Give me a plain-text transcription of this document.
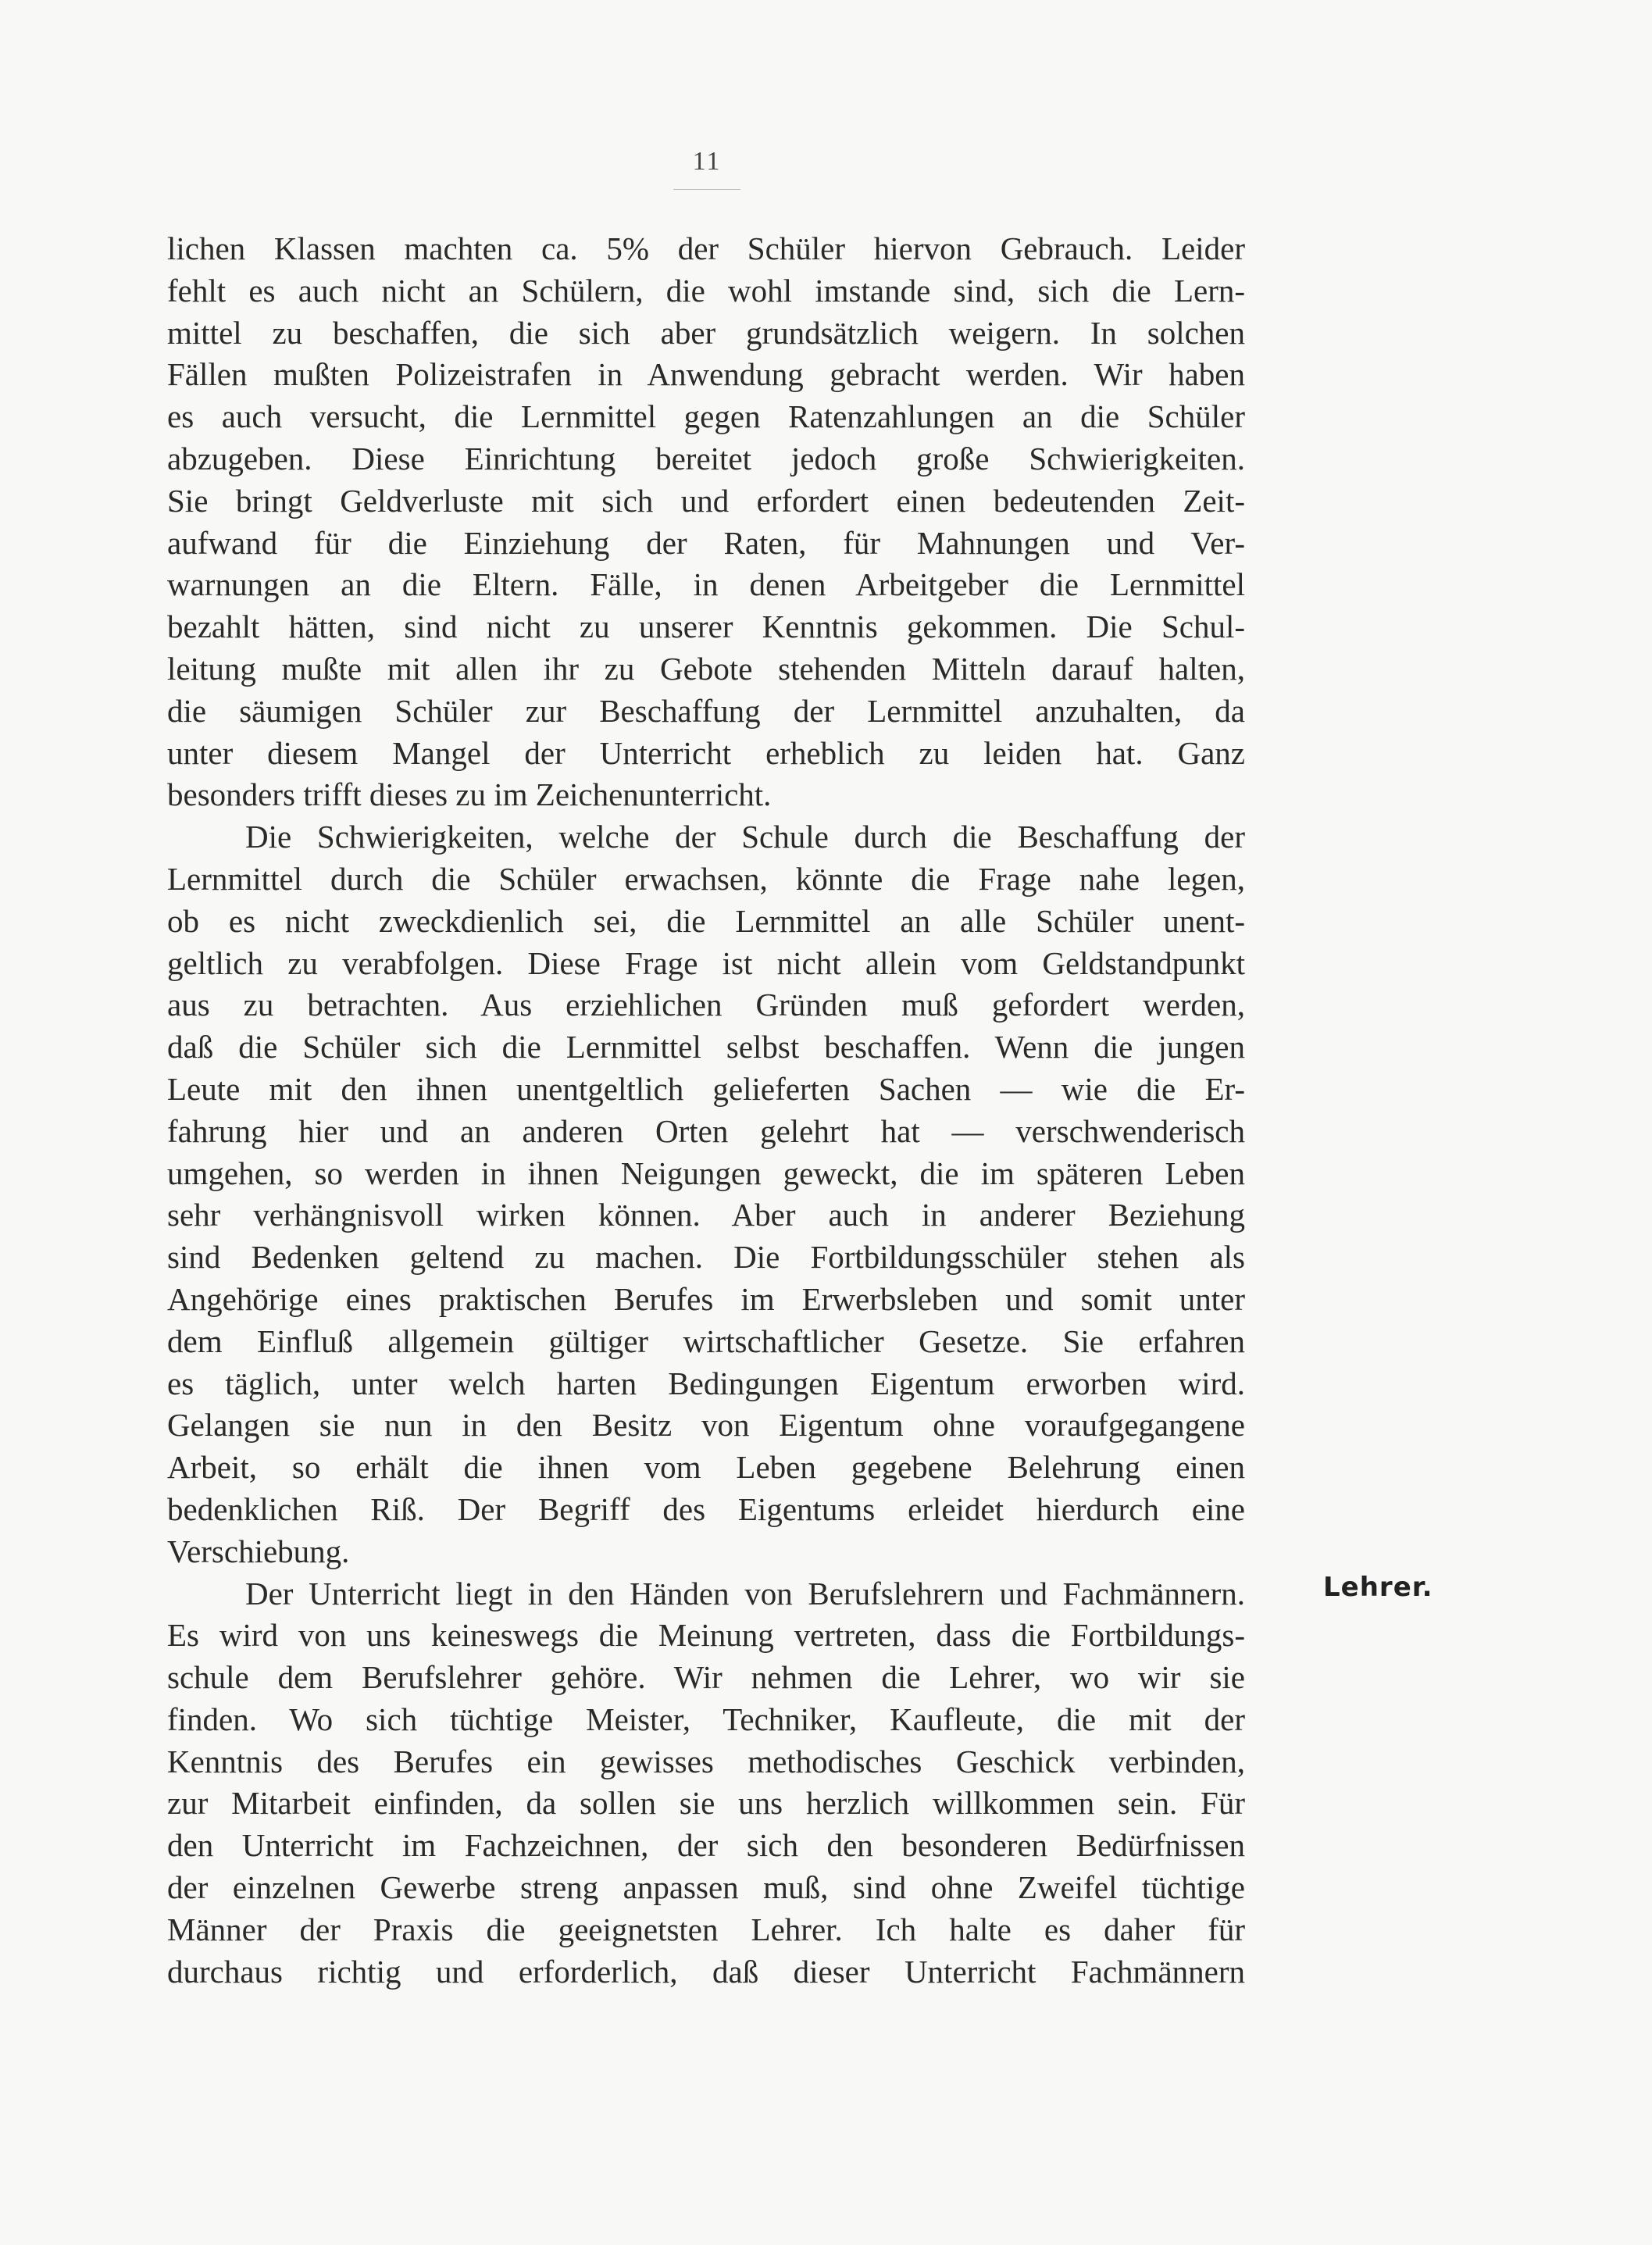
11
lichen Klassen machten ca. 5% der Schüler hiervon Gebrauch. Leider
fehlt es auch nicht an Schülern, die wohl imstande sind, sich die Lern-
mittel zu beschaffen, die sich aber grundsätzlich weigern. In solchen
Fällen mußten Polizeistrafen in Anwendung gebracht werden. Wir haben
es auch versucht, die Lernmittel gegen Ratenzahlungen an die Schüler
abzugeben. Diese Einrichtung bereitet jedoch große Schwierigkeiten.
Sie bringt Geldverluste mit sich und erfordert einen bedeutenden Zeit-
aufwand für die Einziehung der Raten, für Mahnungen und Ver-
warnungen an die Eltern. Fälle, in denen Arbeitgeber die Lernmittel
bezahlt hätten, sind nicht zu unserer Kenntnis gekommen. Die Schul-
leitung mußte mit allen ihr zu Gebote stehenden Mitteln darauf halten,
die säumigen Schüler zur Beschaffung der Lernmittel anzuhalten, da
unter diesem Mangel der Unterricht erheblich zu leiden hat. Ganz
besonders trifft dieses zu im Zeichenunterricht.
Die Schwierigkeiten, welche der Schule durch die Beschaffung der
Lernmittel durch die Schüler erwachsen, könnte die Frage nahe legen,
ob es nicht zweckdienlich sei, die Lernmittel an alle Schüler unent-
geltlich zu verabfolgen. Diese Frage ist nicht allein vom Geldstandpunkt
aus zu betrachten. Aus erziehlichen Gründen muß gefordert werden,
daß die Schüler sich die Lernmittel selbst beschaffen. Wenn die jungen
Leute mit den ihnen unentgeltlich gelieferten Sachen — wie die Er-
fahrung hier und an anderen Orten gelehrt hat — verschwenderisch
umgehen, so werden in ihnen Neigungen geweckt, die im späteren Leben
sehr verhängnisvoll wirken können. Aber auch in anderer Beziehung
sind Bedenken geltend zu machen. Die Fortbildungsschüler stehen als
Angehörige eines praktischen Berufes im Erwerbsleben und somit unter
dem Einfluß allgemein gültiger wirtschaftlicher Gesetze. Sie erfahren
es täglich, unter welch harten Bedingungen Eigentum erworben wird.
Gelangen sie nun in den Besitz von Eigentum ohne voraufgegangene
Arbeit, so erhält die ihnen vom Leben gegebene Belehrung einen
bedenklichen Riß. Der Begriff des Eigentums erleidet hierdurch eine
Verschiebung.
Der Unterricht liegt in den Händen von Berufslehrern und Fachmännern.
Es wird von uns keineswegs die Meinung vertreten, dass die Fortbildungs-
schule dem Berufslehrer gehöre. Wir nehmen die Lehrer, wo wir sie
finden. Wo sich tüchtige Meister, Techniker, Kaufleute, die mit der
Kenntnis des Berufes ein gewisses methodisches Geschick verbinden,
zur Mitarbeit einfinden, da sollen sie uns herzlich willkommen sein. Für
den Unterricht im Fachzeichnen, der sich den besonderen Bedürfnissen
der einzelnen Gewerbe streng anpassen muß, sind ohne Zweifel tüchtige
Männer der Praxis die geeignetsten Lehrer. Ich halte es daher für
durchaus richtig und erforderlich, daß dieser Unterricht Fachmännern
Lehrer.
